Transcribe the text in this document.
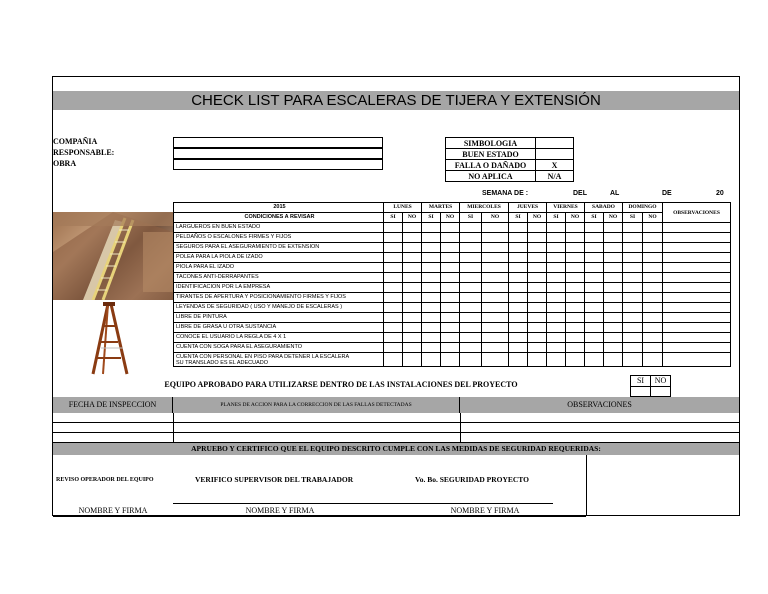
CHECK LIST PARA ESCALERAS DE TIJERA Y EXTENSIÓN
COMPAÑIA
RESPONSABLE:
OBRA
SIMBOLOGIA	
BUEN ESTADO	
FALLA O DAÑADO	X
NO APLICA	N/A
SEMANA DE :	DEL	AL	DE	20
2015	LUNES		MARTES		MIERCOLES		JUEVES		VIERNES		SABADO		DOMINGO		OBSERVACIONES
CONDICIONES A REVISAR	SI	NO	SI	NO	SI	NO	SI	NO	SI	NO	SI	NO	SI	NO	
LARGUEROS EN BUEN ESTADO															
PELDAÑOS O ESCALONES FIRMES Y FIJOS															
SEGUROS PARA EL ASEGURAMIENTO DE EXTENSION															
POLEA PARA LA PIOLA DE IZADO															
PIOLA PARA EL IZADO															
TACONES ANTI-DERRAPANTES															
IDENTIFICACION POR LA EMPRESA															
TIRANTES DE APERTURA Y POSICIONAMIENTO FIRMES Y FIJOS															
LEYENDAS DE SEGURIDAD ( USO Y MANEJO DE ESCALERAS )															
LIBRE DE PINTURA															
LIBRE DE GRASA U OTRA SUSTANCIA															
CONOCE EL USUARIO LA REGLA DE 4 X 1															
CUENTA CON SOGA PARA EL ASEGURAMIENTO															

CUENTA CON PERSONAL EN PISO PARA DETENER LA ESCALERA
SU TRANSLADO ES EL ADECUADO															

EQUIPO APROBADO PARA UTILIZARSE DENTRO DE LAS INSTALACIONES DEL PROYECTO	SI	NO

FECHA DE INSPECCION	PLANES DE ACCION PARA LA CORRECCION DE LAS FALLAS DETECTADAS	OBSERVACIONES
APRUEBO Y CERTIFICO QUE EL EQUIPO DESCRITO CUMPLE CON LAS MEDIDAS DE SEGURIDAD REQUERIDAS:
REVISO OPERADOR DEL EQUIPO	VERIFICO SUPERVISOR DEL TRABAJADOR	Vo. Bo. SEGURIDAD PROYECTO
NOMBRE Y FIRMA	NOMBRE Y FIRMA	NOMBRE Y FIRMA
